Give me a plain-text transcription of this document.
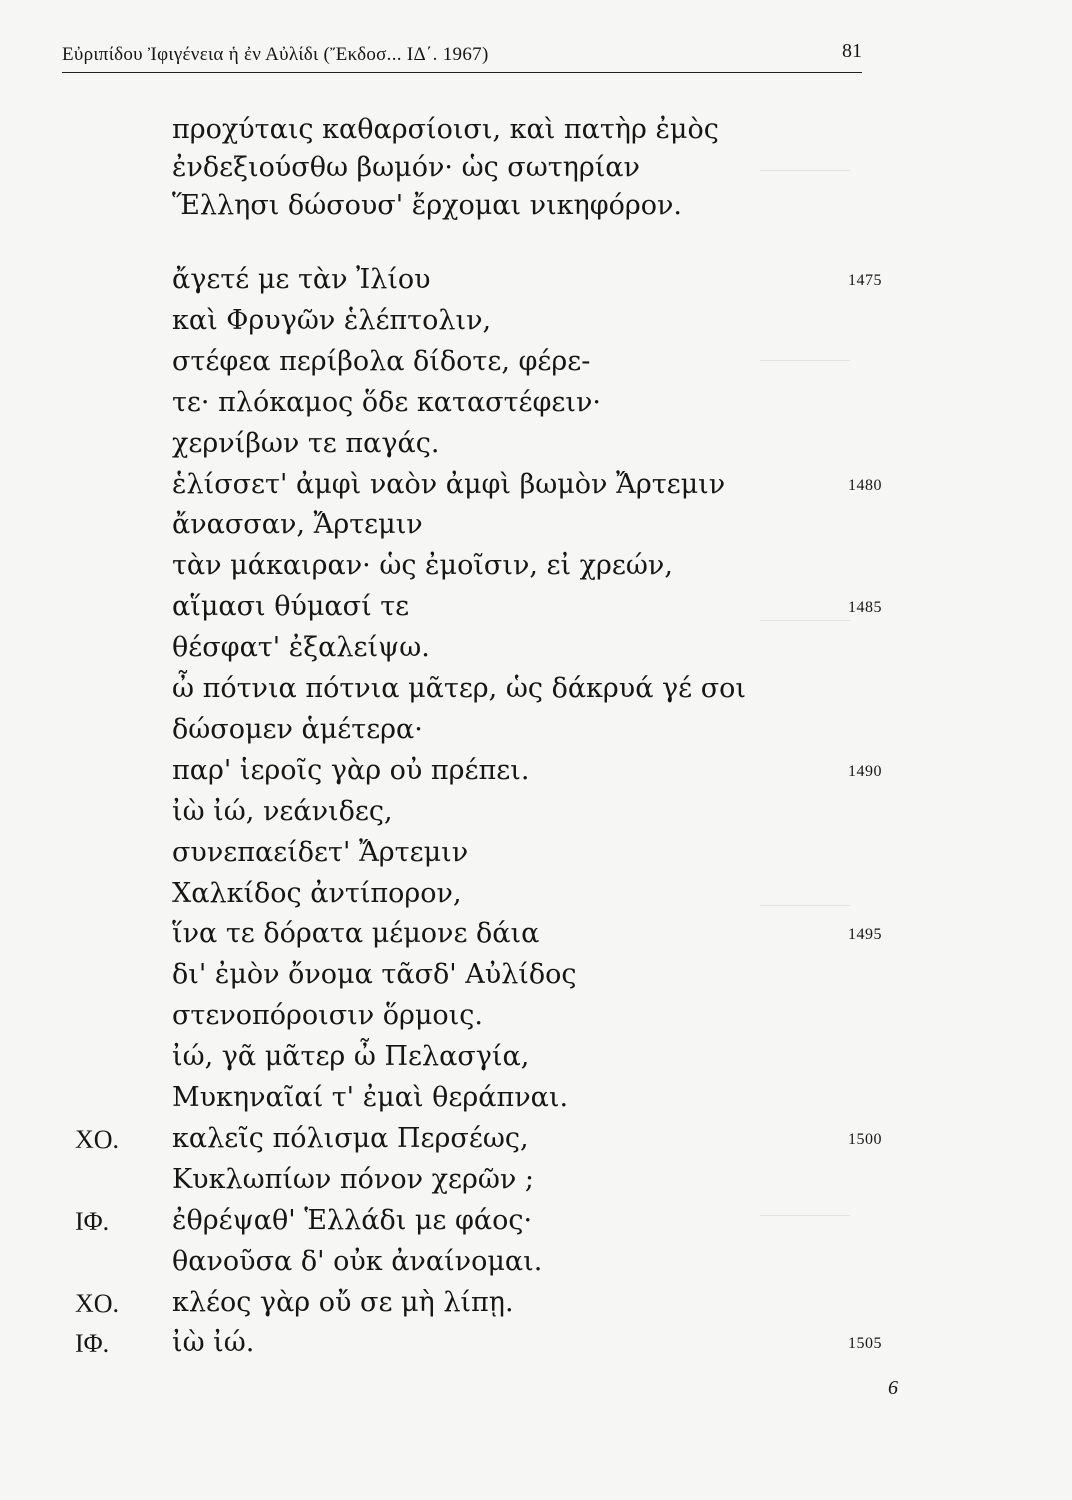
Εὐριπίδου Ἰφιγένεια ἡ ἐν Αὐλίδι (Ἔκδοσ... ΙΔ΄. 1967)	81
προχύταις καθαρσίοισι, καὶ πατὴρ ἐμὸς
ἐνδεξιούσθω βωμόν· ὡς σωτηρίαν
Ἕλλησι δώσουσ' ἔρχομαι νικηφόρον.
ἄγετέ με τὰν Ἰλίου	1475
καὶ Φρυγῶν ἑλέπτολιν,
στέφεα περίβολα δίδοτε, φέρε-
τε· πλόκαμος ὅδε καταστέφειν·
χερνίβων τε παγάς.
ἑλίσσετ' ἀμφὶ ναὸν ἀμφὶ βωμὸν Ἄρτεμιν	1480
ἄνασσαν, Ἄρτεμιν
τὰν μάκαιραν· ὡς ἐμοῖσιν, εἰ χρεών,
αἵμασι θύμασί τε	1485
θέσφατ' ἐξαλείψω.
ὦ πότνια πότνια μᾶτερ, ὡς δάκρυά γέ σοι
δώσομεν ἁμέτερα·
παρ' ἱεροῖς γὰρ οὐ πρέπει.	1490
ἰὼ ἰώ, νεάνιδες,
συνεπαείδετ' Ἄρτεμιν
Χαλκίδος ἀντίπορον,
ἵνα τε δόρατα μέμονε δάια	1495
δι' ἐμὸν ὄνομα τᾶσδ' Αὐλίδος
στενοπόροισιν ὅρμοις.
ἰώ, γᾶ μᾶτερ ὦ Πελασγία,
Μυκηναῖαί τ' ἐμαὶ θεράπναι.
ΧΟ. καλεῖς πόλισμα Περσέως,	1500
Κυκλωπίων πόνον χερῶν ;
ΙΦ. ἐθρέψαθ' Ἑλλάδι με φάος·
θανοῦσα δ' οὐκ ἀναίνομαι.
ΧΟ. κλέος γὰρ οὔ σε μὴ λίπῃ.
ΙΦ. ἰὼ ἰώ.	1505
6
